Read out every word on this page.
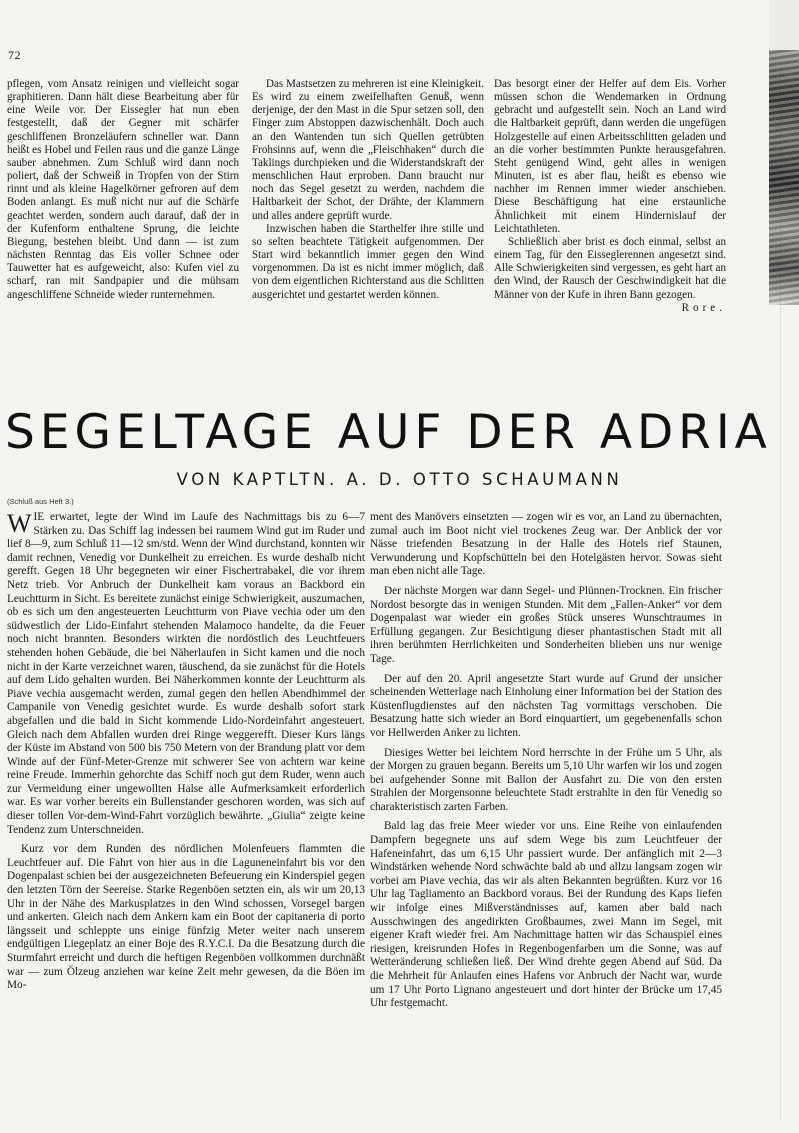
72

pflegen, vom Ansatz reinigen und vielleicht sogar graphitieren. Dann hält diese Bearbeitung aber für eine Weile vor. Der Eissegler hat nun eben festgestellt, daß der Gegner mit schärfer geschliffenen Bronzeläufern schneller war. Dann heißt es Hobel und Feilen raus und die ganze Länge sauber abnehmen. Zum Schluß wird dann noch poliert, daß der Schweiß in Tropfen von der Stirn rinnt und als kleine Hagelkörner gefroren auf dem Boden anlangt. Es muß nicht nur auf die Schärfe geachtet werden, sondern auch darauf, daß der in der Kufenform enthaltene Sprung, die leichte Biegung, bestehen bleibt. Und dann — ist zum nächsten Renntag das Eis voller Schnee oder Tauwetter hat es aufgeweicht, also: Kufen viel zu scharf, ran mit Sandpapier und die mühsam angeschliffene Schneide wieder runternehmen.

Das Mastsetzen zu mehreren ist eine Kleinigkeit. Es wird zu einem zweifelhaften Genuß, wenn derjenige, der den Mast in die Spur setzen soll, den Finger zum Abstoppen dazwischenhält. Doch auch an den Wantenden tun sich Quellen getrübten Frohsinns auf, wenn die „Fleischhaken“ durch die Taklings durchpieken und die Widerstandskraft der menschlichen Haut erproben. Dann braucht nur noch das Segel gesetzt zu werden, nachdem die Haltbarkeit der Schot, der Drähte, der Klammern und alles andere geprüft wurde.

Inzwischen haben die Starthelfer ihre stille und so selten beachtete Tätigkeit aufgenommen. Der Start wird bekanntlich immer gegen den Wind vorgenommen. Da ist es nicht immer möglich, daß von dem eigentlichen Richterstand aus die Schlitten ausgerichtet und gestartet werden können.

Das besorgt einer der Helfer auf dem Eis. Vorher müssen schon die Wendemarken in Ordnung gebracht und aufgestellt sein. Noch an Land wird die Haltbarkeit geprüft, dann werden die ungefügen Holzgestelle auf einen Arbeitsschlitten geladen und an die vorher bestimmten Punkte herausgefahren. Steht genügend Wind, geht alles in wenigen Minuten, ist es aber flau, heißt es ebenso wie nachher im Rennen immer wieder anschieben. Diese Beschäftigung hat eine erstaunliche Ähnlichkeit mit einem Hindernislauf der Leichtathleten.

Schließlich aber brist es doch einmal, selbst an einem Tag, für den Eisseglerennen angesetzt sind. Alle Schwierigkeiten sind vergessen, es geht hart an den Wind, der Rausch der Geschwindigkeit hat die Männer von der Kufe in ihren Bann gezogen.
Rore.

SEGELTAGE AUF DER ADRIA

VON KAPTLTN. A. D. OTTO SCHAUMANN

(Schluß aus Heft 3.)

WIE erwartet, legte der Wind im Laufe des Nachmittags bis zu 6—7 Stärken zu. Das Schiff lag indessen bei raumem Wind gut im Ruder und lief 8—9, zum Schluß 11—12 sm/std. Wenn der Wind durchstand, konnten wir damit rechnen, Venedig vor Dunkelheit zu erreichen. Es wurde deshalb nicht gerefft. Gegen 18 Uhr begegneten wir einer Fischertrabakel, die vor ihrem Netz trieb. Vor Anbruch der Dunkelheit kam voraus an Backbord ein Leuchtturm in Sicht. Es bereitete zunächst einige Schwierigkeit, auszumachen, ob es sich um den angesteuerten Leuchtturm von Piave vechia oder um den südwestlich der Lido-Einfahrt stehenden Malamoco handelte, da die Feuer noch nicht brannten. Besonders wirkten die nordöstlich des Leuchtfeuers stehenden hohen Gebäude, die bei Näherlaufen in Sicht kamen und die noch nicht in der Karte verzeichnet waren, täuschend, da sie zunächst für die Hotels auf dem Lido gehalten wurden. Bei Näherkommen konnte der Leuchtturm als Piave vechia ausgemacht werden, zumal gegen den hellen Abendhimmel der Campanile von Venedig gesichtet wurde. Es wurde deshalb sofort stark abgefallen und die bald in Sicht kommende Lido-Nordeinfahrt angesteuert. Gleich nach dem Abfallen wurden drei Ringe weggerefft. Dieser Kurs längs der Küste im Abstand von 500 bis 750 Metern von der Brandung platt vor dem Winde auf der Fünf-Meter-Grenze mit schwerer See von achtern war keine reine Freude. Immerhin gehorchte das Schiff noch gut dem Ruder, wenn auch zur Vermeidung einer ungewollten Halse alle Aufmerksamkeit erforderlich war. Es war vorher bereits ein Bullenstander geschoren worden, was sich auf dieser tollen Vor-dem-Wind-Fahrt vorzüglich bewährte. „Giulia“ zeigte keine Tendenz zum Unterschneiden.

Kurz vor dem Runden des nördlichen Molenfeuers flammten die Leuchtfeuer auf. Die Fahrt von hier aus in die Laguneneinfahrt bis vor den Dogenpalast schien bei der ausgezeichneten Befeuerung ein Kinderspiel gegen den letzten Törn der Seereise. Starke Regenböen setzten ein, als wir um 20,13 Uhr in der Nähe des Markusplatzes in den Wind schossen, Vorsegel bargen und ankerten. Gleich nach dem Ankern kam ein Boot der capitaneria di porto längsseit und schleppte uns einige fünfzig Meter weiter nach unserem endgültigen Liegeplatz an einer Boje des R.Y.C.I. Da die Besatzung durch die Sturmfahrt erreicht und durch die heftigen Regenböen vollkommen durchnäßt war — zum Ölzeug anziehen war keine Zeit mehr gewesen, da die Böen im Mo-

ment des Manövers einsetzten — zogen wir es vor, an Land zu übernachten, zumal auch im Boot nicht viel trockenes Zeug war. Der Anblick der vor Nässe triefenden Besatzung in der Halle des Hotels rief Staunen, Verwunderung und Kopfschütteln bei den Hotelgästen hervor. Sowas sieht man eben nicht alle Tage.

Der nächste Morgen war dann Segel- und Plünnen-Trocknen. Ein frischer Nordost besorgte das in wenigen Stunden. Mit dem „Fallen-Anker“ vor dem Dogenpalast war wieder ein großes Stück unseres Wunschtraumes in Erfüllung gegangen. Zur Besichtigung dieser phantastischen Stadt mit all ihren berühmten Herrlichkeiten und Sonderheiten blieben uns nur wenige Tage.

Der auf den 20. April angesetzte Start wurde auf Grund der unsicher scheinenden Wetterlage nach Einholung einer Information bei der Station des Küstenflugdienstes auf den nächsten Tag vormittags verschoben. Die Besatzung hatte sich wieder an Bord einquartiert, um gegebenenfalls schon vor Hellwerden Anker zu lichten.

Diesiges Wetter bei leichtem Nord herrschte in der Frühe um 5 Uhr, als der Morgen zu grauen begann. Bereits um 5,10 Uhr warfen wir los und zogen bei aufgehender Sonne mit Ballon der Ausfahrt zu. Die von den ersten Strahlen der Morgensonne beleuchtete Stadt erstrahlte in den für Venedig so charakteristisch zarten Farben.

Bald lag das freie Meer wieder vor uns. Eine Reihe von einlaufenden Dampfern begegnete uns auf sdem Wege bis zum Leuchtfeuer der Hafeneinfahrt, das um 6,15 Uhr passiert wurde. Der anfänglich mit 2—3 Windstärken wehende Nord schwächte bald ab und allzu langsam zogen wir vorbei am Piave vechia, das wir als alten Bekannten begrüßten. Kurz vor 16 Uhr lag Tagliamento an Backbord voraus. Bei der Rundung des Kaps liefen wir infolge eines Mißverständnisses auf, kamen aber bald nach Ausschwingen des angedirkten Großbaumes, zwei Mann im Segel, mit eigener Kraft wieder frei. Am Nachmittage hatten wir das Schauspiel eines riesigen, kreisrunden Hofes in Regenbogenfarben um die Sonne, was auf Wetteränderung schließen ließ. Der Wind drehte gegen Abend auf Süd. Da die Mehrheit für Anlaufen eines Hafens vor Anbruch der Nacht war, wurde um 17 Uhr Porto Lignano angesteuert und dort hinter der Brücke um 17,45 Uhr festgemacht.
